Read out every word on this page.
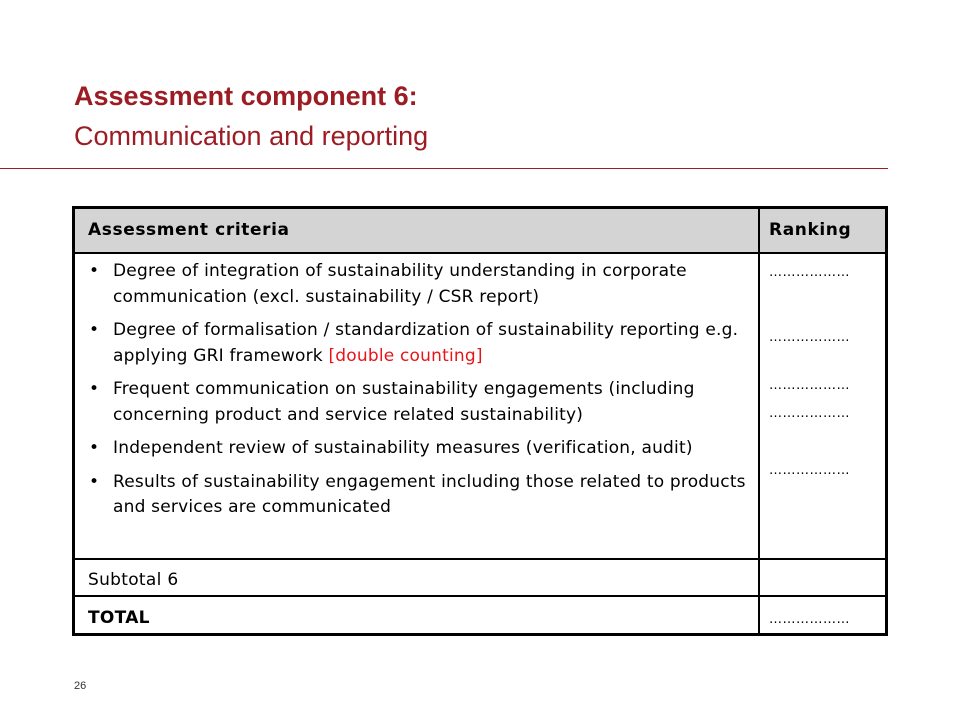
Assessment component 6:
Communication and reporting
Assessment criteria	Ranking
• Degree of integration of sustainability understanding in corporate communication (excl. sustainability / CSR report)
• Degree of formalisation / standardization of sustainability reporting e.g. applying GRI framework [double counting]
• Frequent communication on sustainability engagements (including concerning product and service related sustainability)
• Independent review of sustainability measures (verification, audit)
• Results of sustainability engagement including those related to products and services are communicated
………………
………………
………………
………………
………………
Subtotal 6
TOTAL	………………
26
